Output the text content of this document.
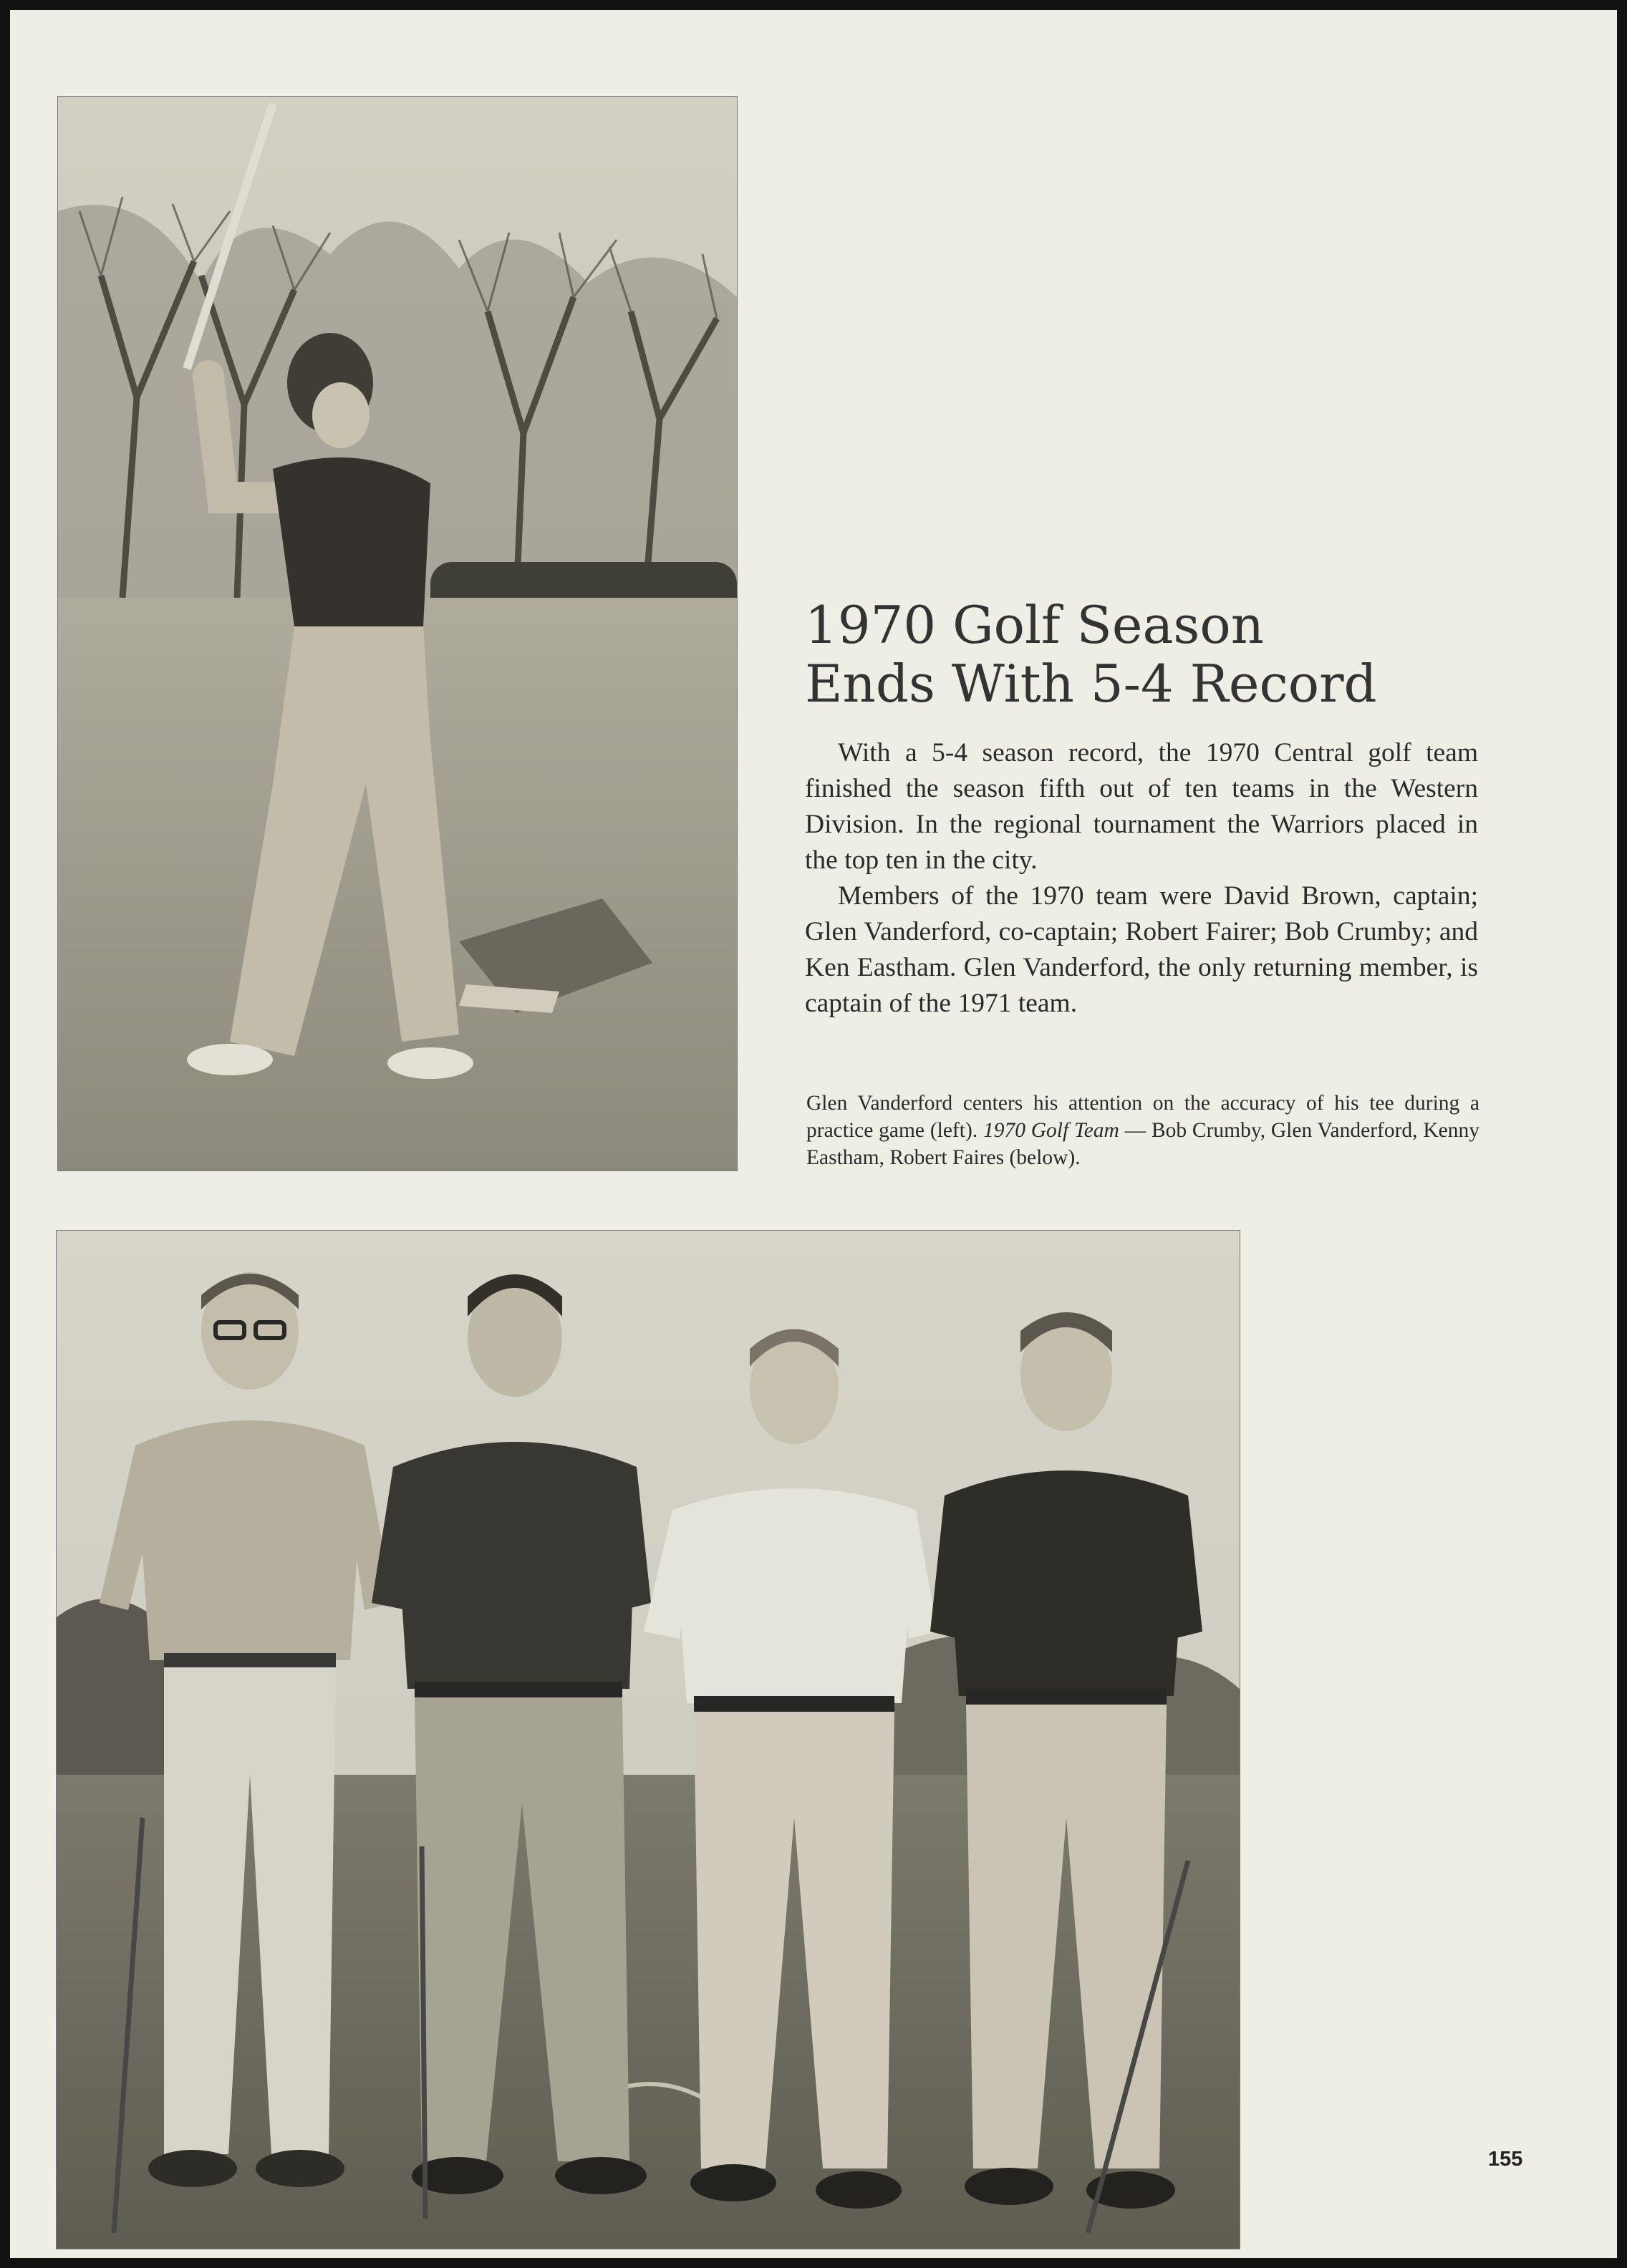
1970 Golf Season
Ends With 5-4 Record

With a 5-4 season record, the 1970 Central golf team finished the season fifth out of ten teams in the Western Division. In the regional tournament the Warriors placed in the top ten in the city.

Members of the 1970 team were David Brown, captain; Glen Vanderford, co-captain; Robert Fairer; Bob Crumby; and Ken Eastham. Glen Vanderford, the only returning member, is captain of the 1971 team.

Glen Vanderford centers his attention on the accuracy of his tee during a practice game (left). 1970 Golf Team — Bob Crumby, Glen Vanderford, Kenny Eastham, Robert Faires (below).

155
